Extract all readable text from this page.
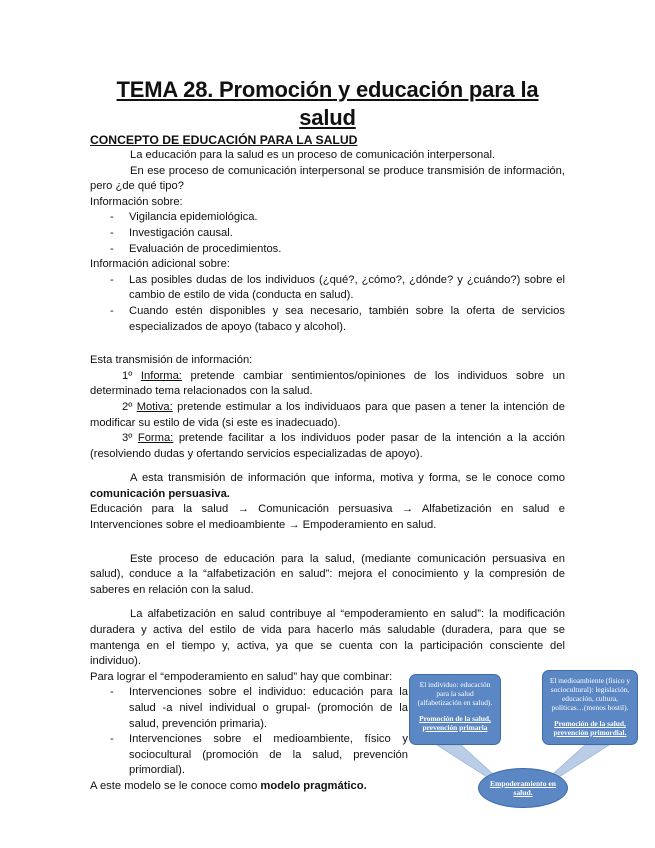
TEMA 28. Promoción y educación para la salud
CONCEPTO DE EDUCACIÓN PARA LA SALUD

La educación para la salud es un proceso de comunicación interpersonal.

En ese proceso de comunicación interpersonal se produce transmisión de información, pero ¿de qué tipo?

Información sobre:

- Vigilancia epidemiológica.
- Investigación causal.
- Evaluación de procedimientos.

Información adicional sobre:

- Las posibles dudas de los individuos (¿qué?, ¿cómo?, ¿dónde? y ¿cuándo?) sobre el cambio de estilo de vida (conducta en salud).
- Cuando estén disponibles y sea necesario, también sobre la oferta de servicios especializados de apoyo (tabaco y alcohol).

Esta transmisión de información:

1º Informa: pretende cambiar sentimientos/opiniones de los individuos sobre un determinado tema relacionados con la salud.

2º Motiva: pretende estimular a los individuaos para que pasen a tener la intención de modificar su estilo de vida (si este es inadecuado).

3º Forma: pretende facilitar a los individuos poder pasar de la intención a la acción (resolviendo dudas y ofertando servicios especializadas de apoyo).

A esta transmisión de información que informa, motiva y forma, se le conoce como comunicación persuasiva.

Educación para la salud → Comunicación persuasiva → Alfabetización en salud e Intervenciones sobre el medioambiente → Empoderamiento en salud.

Este proceso de educación para la salud, (mediante comunicación persuasiva en salud), conduce a la “alfabetización en salud”: mejora el conocimiento y la compresión de saberes en relación con la salud.

La alfabetización en salud contribuye al “empoderamiento en salud”: la modificación duradera y activa del estilo de vida para hacerlo más saludable (duradera, para que se mantenga en el tiempo y, activa, ya que se cuenta con la participación consciente del individuo).

Para lograr el “empoderamiento en salud” hay que combinar:

- Intervenciones sobre el individuo: educación para la salud -a nivel individual o grupal- (promoción de la salud, prevención primaria).
- Intervenciones sobre el medioambiente, físico y sociocultural (promoción de la salud, prevención primordial).

A este modelo se le conoce como modelo pragmático.

El individuo: educación para la salud (alfabetización en salud).
Promoción de la salud, prevención primaria
El medioambiente (físico y sociocultural): legislación, educación, cultura, políticas…(menos hostil).
Promoción de la salud, prevención primordial.
Empoderamiento en salud.
